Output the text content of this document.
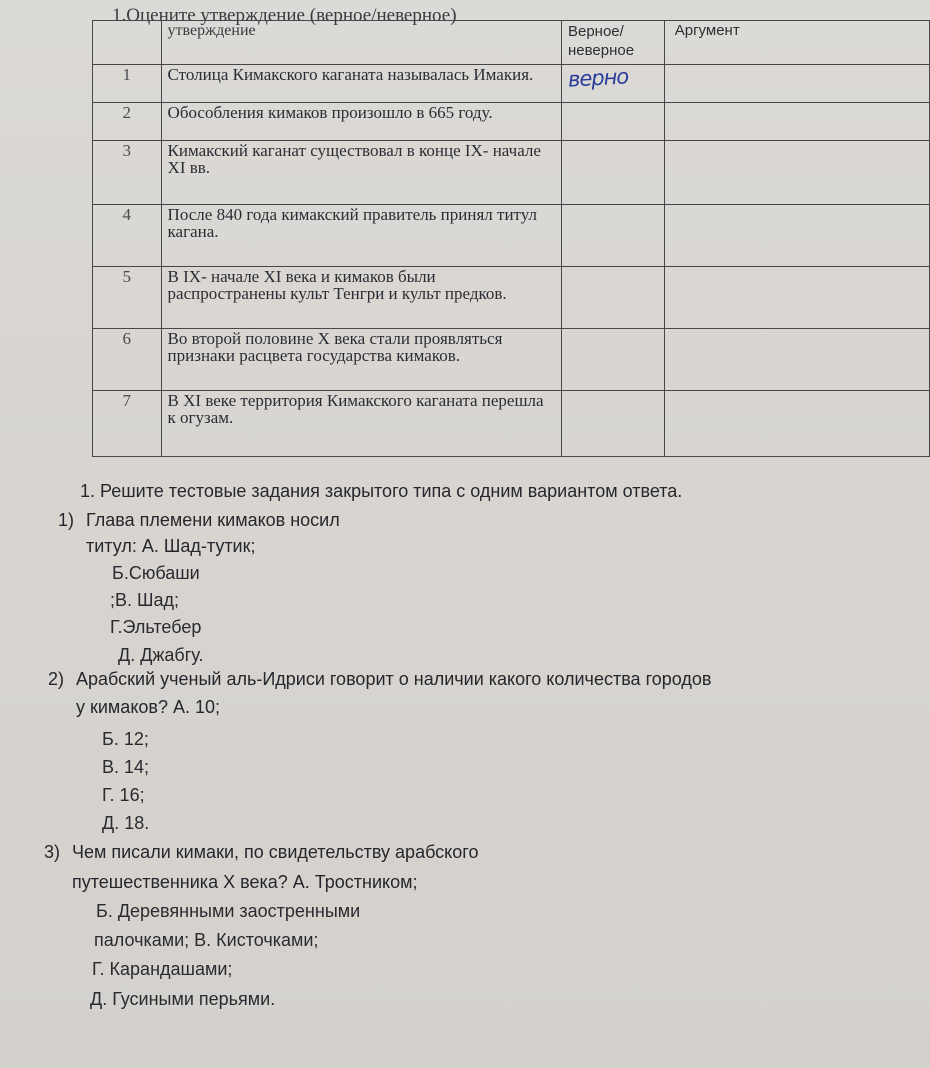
1.Оцените утверждение (верное/неверное)
	утверждение	Верное/ неверное	Аргумент
1	Столица Кимакского каганата называлась Имакия.	верно	
2	Обособления кимаков произошло в 665 году.		
3	Кимакский каганат существовал в конце IX- начале XI вв.		
4	После 840 года кимакский правитель принял титул кагана.		
5	В IX- начале XI века и кимаков были распространены культ Тенгри и культ предков.		
6	Во второй половине X века стали проявляться признаки расцвета государства кимаков.		
7	В XI веке территория Кимакского каганата перешла к огузам.		
1. Решите тестовые задания закрытого типа с одним вариантом ответа.
1) Глава племени кимаков носил
титул: А. Шад-тутик;
Б.Сюбаши
;В. Шад;
Г.Эльтебер
Д. Джабгу.
2) Арабский ученый аль-Идриси говорит о наличии какого количества городов
у кимаков? А. 10;
Б. 12;
В. 14;
Г. 16;
Д. 18.
3) Чем писали кимаки, по свидетельству арабского
путешественника X века? А. Тростником;
Б. Деревянными заостренными
палочками; В. Кисточками;
Г. Карандашами;
Д. Гусиными перьями.
